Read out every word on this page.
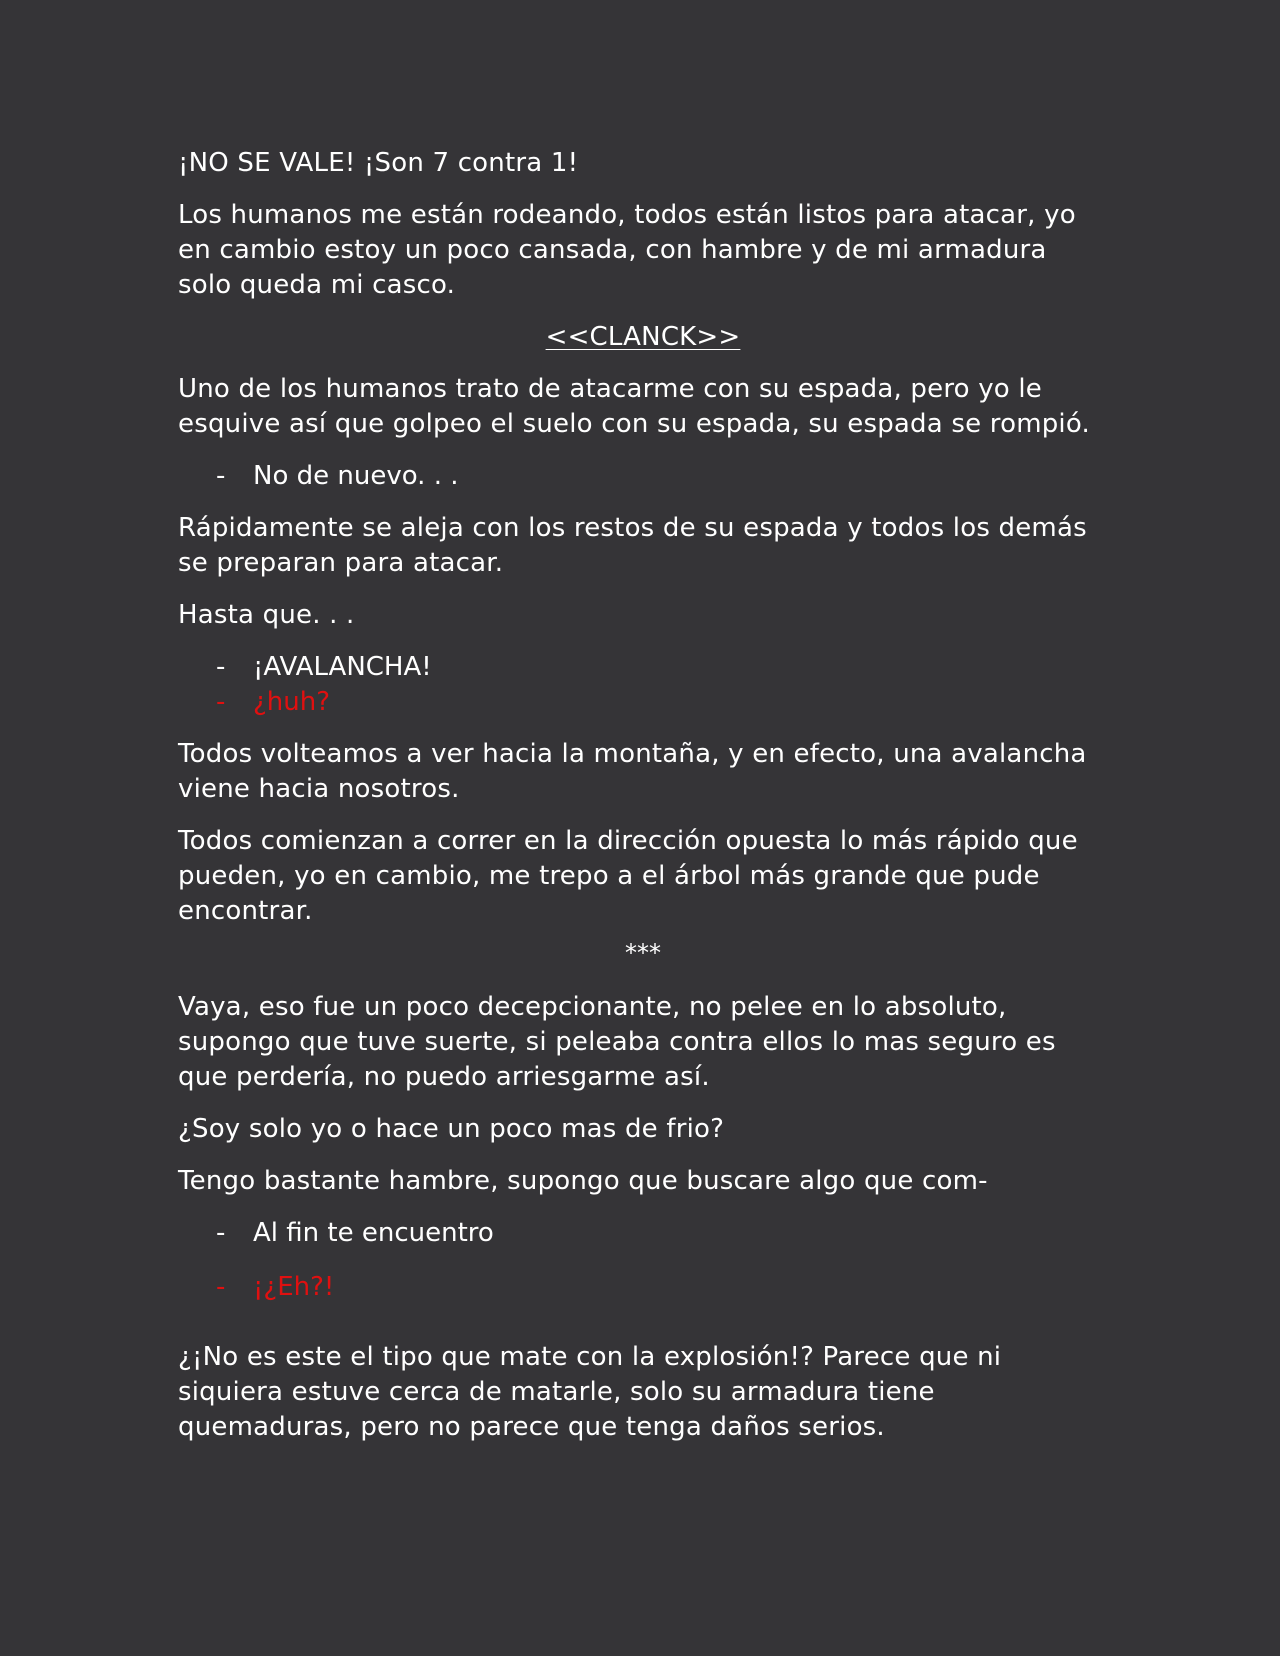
¡NO SE VALE! ¡Son 7 contra 1!

Los humanos me están rodeando, todos están listos para atacar, yo en cambio estoy un poco cansada, con hambre y de mi armadura solo queda mi casco.

<<CLANCK>>

Uno de los humanos trato de atacarme con su espada, pero yo le esquive así que golpeo el suelo con su espada, su espada se rompió.

- No de nuevo. . .

Rápidamente se aleja con los restos de su espada y todos los demás se preparan para atacar.

Hasta que. . .

- ¡AVALANCHA!
- ¿huh?

Todos volteamos a ver hacia la montaña, y en efecto, una avalancha viene hacia nosotros.

Todos comienzan a correr en la dirección opuesta lo más rápido que pueden, yo en cambio, me trepo a el árbol más grande que pude encontrar.

***

Vaya, eso fue un poco decepcionante, no pelee en lo absoluto, supongo que tuve suerte, si peleaba contra ellos lo mas seguro es que perdería, no puedo arriesgarme así.

¿Soy solo yo o hace un poco mas de frio?

Tengo bastante hambre, supongo que buscare algo que com-

- Al fin te encuentro
- ¡¿Eh?!

¿¡No es este el tipo que mate con la explosión!? Parece que ni siquiera estuve cerca de matarle, solo su armadura tiene quemaduras, pero no parece que tenga daños serios.
